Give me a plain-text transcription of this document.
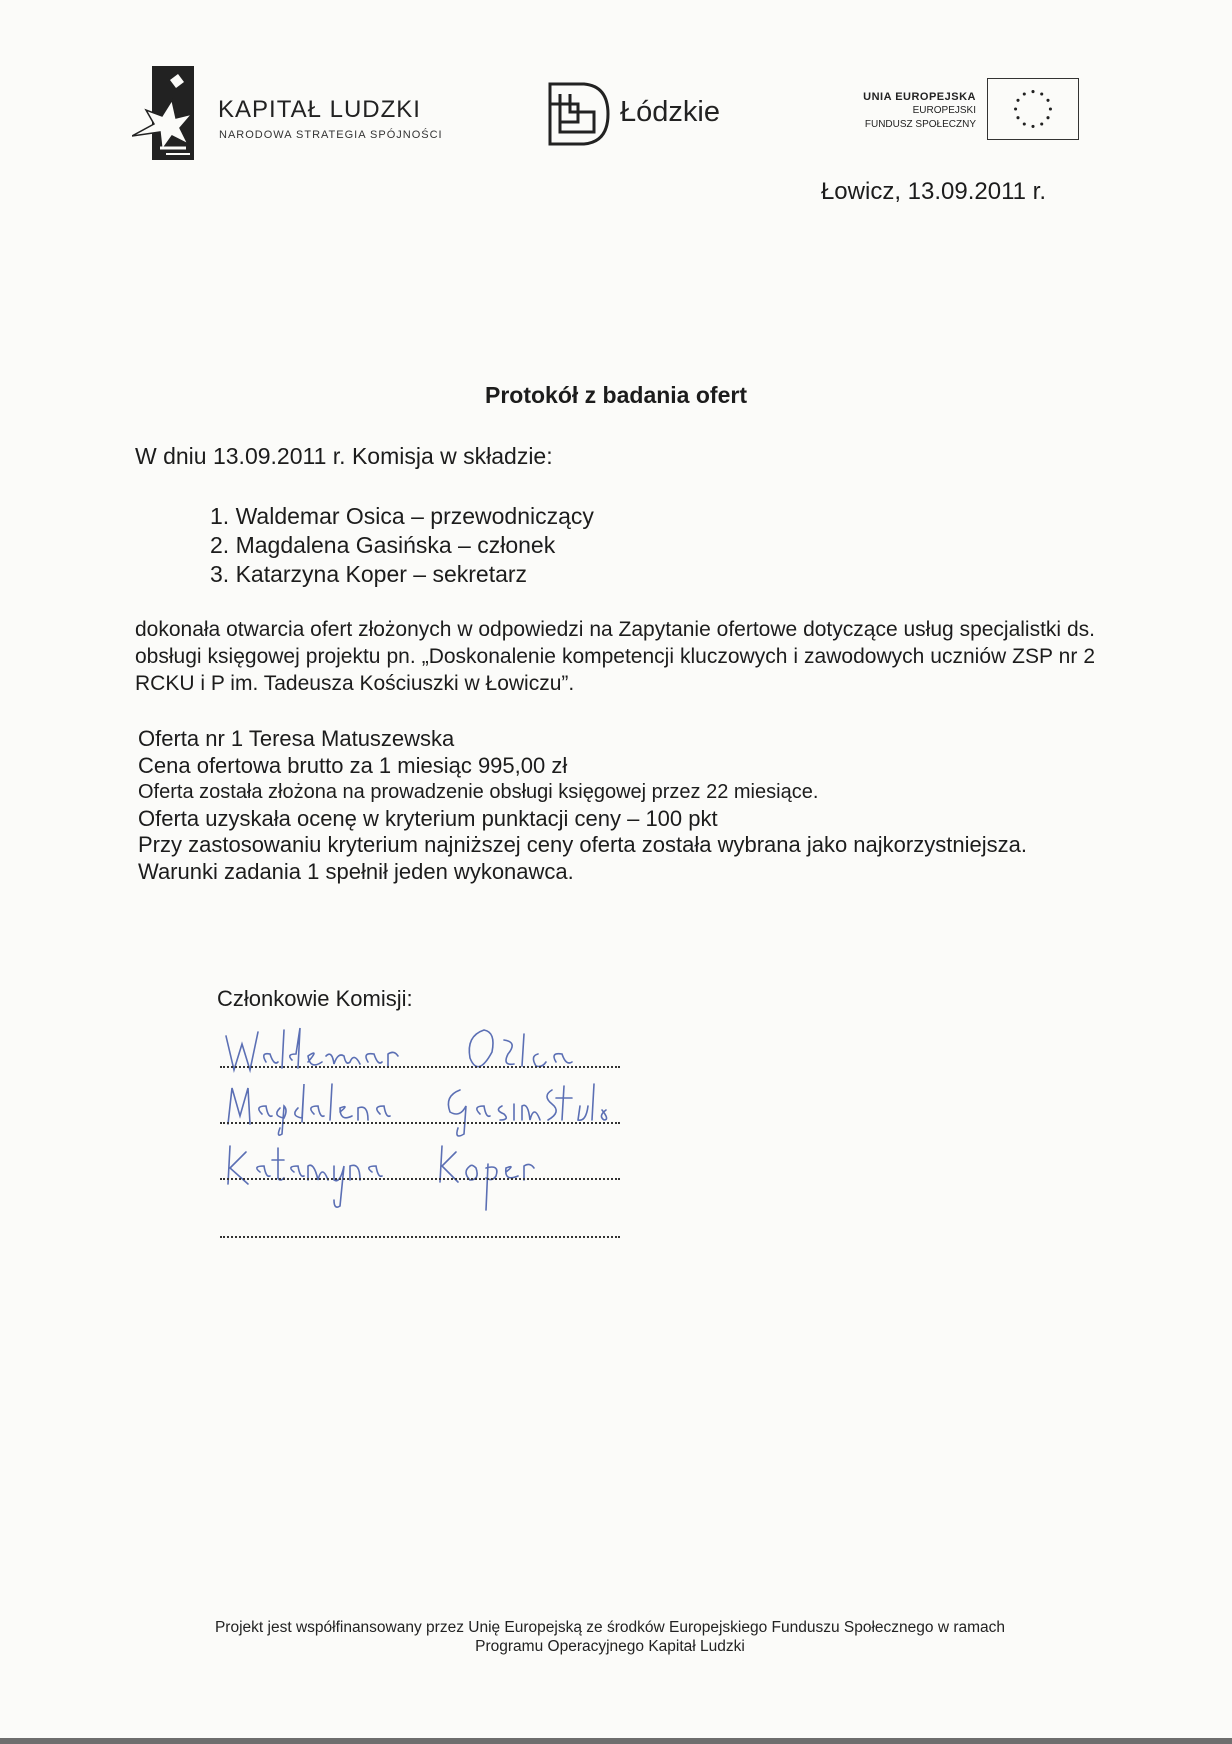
KAPITAŁ LUDZKI
NARODOWA STRATEGIA SPÓJNOŚCI
Łódzkie	UNIA EUROPEJSKA
EUROPEJSKI
FUNDUSZ SPOŁECZNY
Łowicz, 13.09.2011 r.
Protokół z badania ofert
W dniu 13.09.2011 r. Komisja w składzie:
1. Waldemar Osica – przewodniczący
2. Magdalena Gasińska – członek
3. Katarzyna Koper – sekretarz
dokonała otwarcia ofert złożonych w odpowiedzi na Zapytanie ofertowe dotyczące usług specjalistki ds. obsługi księgowej projektu pn. „Doskonalenie kompetencji kluczowych i zawodowych uczniów ZSP nr 2 RCKU i P im. Tadeusza Kościuszki w Łowiczu”.
Oferta nr 1 Teresa Matuszewska
Cena ofertowa brutto za 1 miesiąc 995,00 zł
Oferta została złożona na prowadzenie obsługi księgowej przez 22 miesiące.
Oferta uzyskała ocenę w kryterium punktacji ceny – 100 pkt
Przy zastosowaniu kryterium najniższej ceny oferta została wybrana jako najkorzystniejsza.
Warunki zadania 1 spełnił jeden wykonawca.
Członkowie Komisji:
Projekt jest współfinansowany przez Unię Europejską ze środków Europejskiego Funduszu Społecznego w ramach
Programu Operacyjnego Kapitał Ludzki
